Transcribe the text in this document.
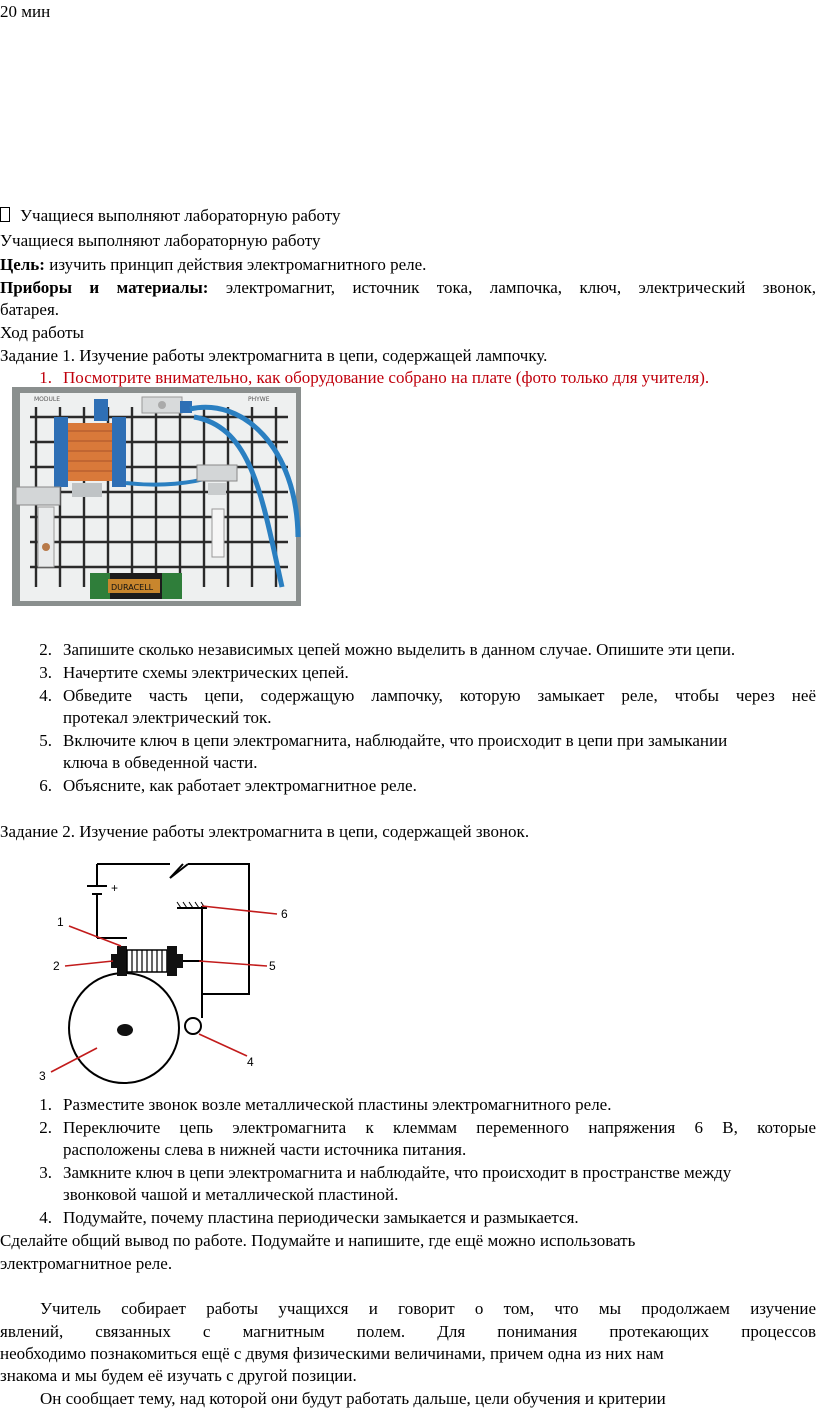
20 мин
Учащиеся выполняют лабораторную работу
Учащиеся выполняют лабораторную работу
Цель: изучить принцип действия электромагнитного реле.
Приборы и материалы: электромагнит, источник тока, лампочка, ключ, электрический звонок,
батарея.
Ход работы
Задание 1. Изучение работы электромагнита в цепи, содержащей лампочку.
1. Посмотрите внимательно, как оборудование собрано на плате (фото только для учителя).
MODULE	PHYWE
DURACELL
2. Запишите сколько независимых цепей можно выделить в данном случае. Опишите эти цепи.
3. Начертите схемы электрических цепей.
4. Обведите часть цепи, содержащую лампочку, которую замыкает реле, чтобы через неё
протекал электрический ток.
5. Включите ключ в цепи электромагнита, наблюдайте, что происходит в цепи при замыкании
ключа в обведенной части.
6. Объясните, как работает электромагнитное реле.
Задание 2. Изучение работы электромагнита в цепи, содержащей звонок.
1
2
3
4
5
6
+
1. Разместите звонок возле металлической пластины электромагнитного реле.
2. Переключите цепь электромагнита к клеммам переменного напряжения 6 В, которые
расположены слева в нижней части источника питания.
3. Замкните ключ в цепи электромагнита и наблюдайте, что происходит в пространстве между
звонковой чашой и металлической пластиной.
4. Подумайте, почему пластина периодически замыкается и размыкается.
Сделайте общий вывод по работе. Подумайте и напишите, где ещё можно использовать
электромагнитное реле.
Учитель собирает работы учащихся и говорит о том, что мы продолжаем изучение
явлений, связанных с магнитным полем. Для понимания протекающих процессов
необходимо познакомиться ещё с двумя физическими величинами, причем одна из них нам
знакома и мы будем её изучать с другой позиции.
Он сообщает тему, над которой они будут работать дальше, цели обучения и критерии
